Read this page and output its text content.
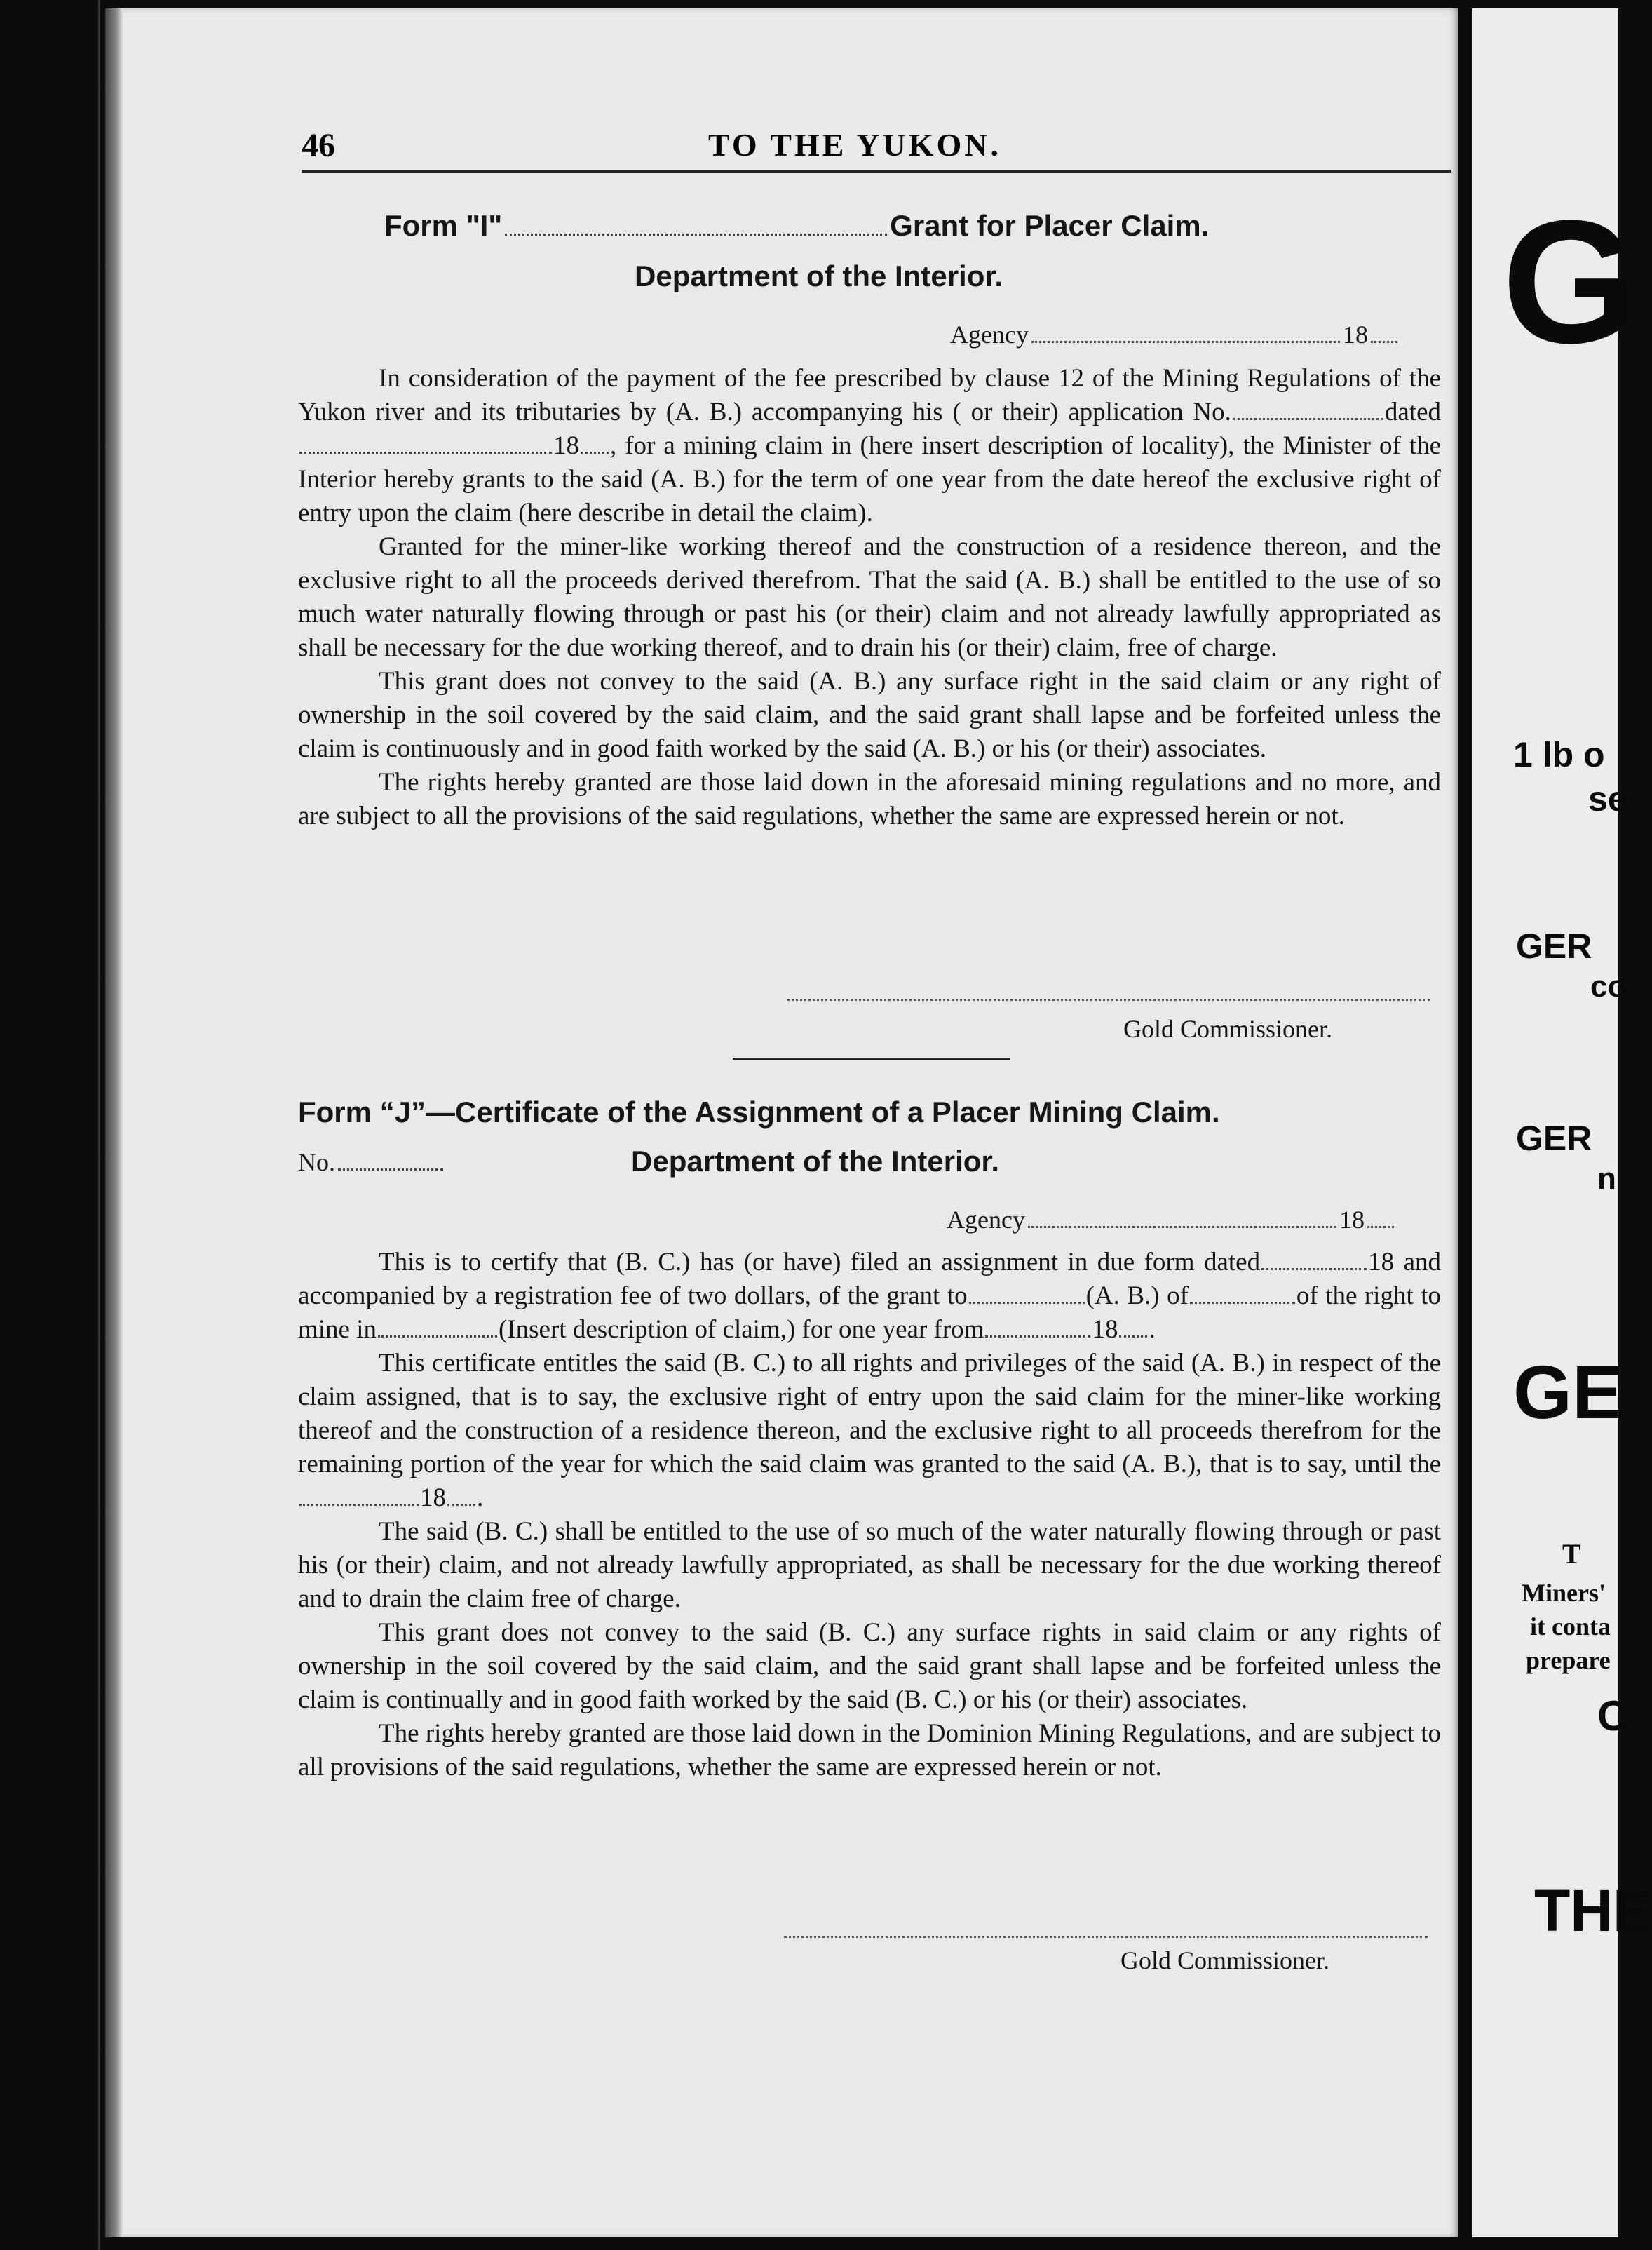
46	TO THE YUKON.
Form "I"	Grant for Placer Claim.
Department of the Interior.
Agency	18

In consideration of the payment of the fee prescribed by clause 12 of the Mining Regulations of the Yukon river and its tributaries by (A. B.) accompanying his ( or their) application No.	dated18 , for a mining claim in (here insert description of locality), the Minister of the Interior hereby grants to the said (A. B.) for the term of one year from the date hereof the exclusive right of entry upon the claim (here describe in detail the claim).

Granted for the miner-like working thereof and the construction of a residence thereon, and the exclusive right to all the proceeds derived therefrom. That the said (A. B.) shall be entitled to the use of so much water naturally flowing through or past his (or their) claim and not already lawfully appropriated as shall be necessary for the due working thereof, and to drain his (or their) claim, free of charge.

This grant does not convey to the said (A. B.) any surface right in the said claim or any right of ownership in the soil covered by the said claim, and the said grant shall lapse and be forfeited unless the claim is continuously and in good faith worked by the said (A. B.) or his (or their) associates.

The rights hereby granted are those laid down in the aforesaid mining regulations and no more, and are subject to all the provisions of the said regulations, whether the same are expressed herein or not.

Gold Commissioner.
Form “J”—Certificate of the Assignment of a Placer Mining Claim.
No.	Department of the Interior.
Agency	18

This is to certify that (B. C.) has (or have) filed an assignment in due form dated	18 and accompanied by a registration fee of two dollars, of the grant to	(A. B.) of	of the right to mine in	(Insert description of claim,) for one year from	18 .

This certificate entitles the said (B. C.) to all rights and privileges of the said (A. B.) in respect of the claim assigned, that is to say, the exclusive right of entry upon the said claim for the miner-like working thereof and the construction of a residence thereon, and the exclusive right to all proceeds therefrom for the remaining portion of the year for which the said claim was granted to the said (A. B.), that is to say, until the18 .

The said (B. C.) shall be entitled to the use of so much of the water naturally flowing through or past his (or their) claim, and not already lawfully appropriated, as shall be necessary for the due working thereof and to drain the claim free of charge.

This grant does not convey to the said (B. C.) any surface rights in said claim or any rights of ownership in the soil covered by the said claim, and the said grant shall lapse and be forfeited unless the claim is continually and in good faith worked by the said (B. C.) or his (or their) associates.

The rights hereby granted are those laid down in the Dominion Mining Regulations, and are subject to all provisions of the said regulations, whether the same are expressed herein or not.

Gold Commissioner.
G
1 lb o
se
GER
co
GER
n
GE
T
Miners'
it conta
prepare
C
THE
